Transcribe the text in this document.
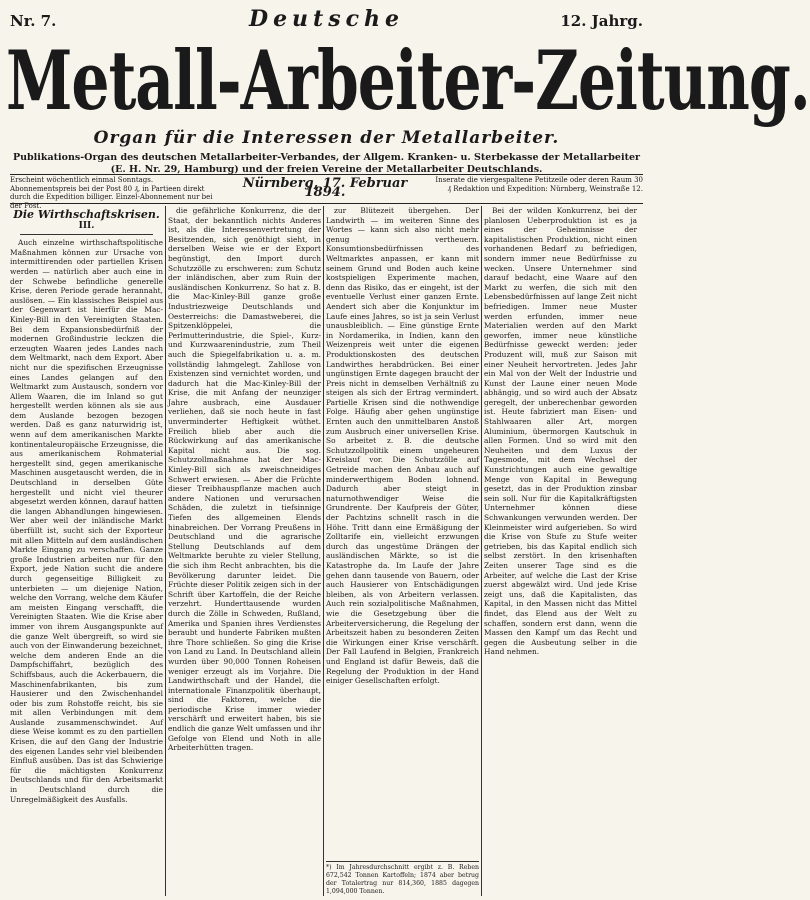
Nr. 7.	Deutsche	12. Jahrg.
Metall-Arbeiter-Zeitung.
Organ für die Interessen der Metallarbeiter.
Publikations-Organ des deutschen Metallarbeiter-Verbandes, der Allgem. Kranken- u. Sterbekasse der Metallarbeiter (E. H. Nr. 29, Hamburg) und der freien Vereine der Metallarbeiter Deutschlands.
Erscheint wöchentlich einmal Sonntags. Abonnementspreis bei der Post 80 ₰, in Partieen direkt durch die Expedition billiger. Einzel-Abonnement nur bei der Post.
Nürnberg, 17. Februar 1894.
Inserate die viergespaltene Petitzeile oder deren Raum 30 ₰ Redaktion und Expedition: Nürnberg, Weinstraße 12.
Die Wirthschaftskrisen.
III.

Auch einzelne wirthschaftspolitische Maßnahmen können zur Ursache von intermittirenden oder partiellen Krisen werden — natürlich aber auch eine in der Schwebe befindliche generelle Krise, deren Periode gerade herannaht, auslösen. — Ein klassisches Beispiel aus der Gegenwart ist hierfür die Mac-Kinley-Bill in den Vereinigten Staaten. Bei dem Expansionsbedürfniß der modernen Großindustrie leckzen die erzeugten Waaren jedes Landes nach dem Weltmarkt, nach dem Export. Aber nicht nur die spezifischen Erzeugnisse eines Landes gelangen auf den Weltmarkt zum Austausch, sondern vor Allem Waaren, die im Inland so gut hergestellt werden können als sie aus dem Auslande bezogen bezogen werden. Daß es ganz naturwidrig ist, wenn auf dem amerikanischen Markte kontinentaleuropäische Erzeugnisse, die aus amerikanischem Rohmaterial hergestellt sind, gegen amerikanische Maschinen ausgetauscht werden, die in Deutschland in derselben Güte hergestellt und nicht viel theurer abgesetzt werden können, darauf hatten die langen Abhandlungen hingewiesen. Wer aber weil der inländische Markt überfüllt ist, sucht sich der Exporteur mit allen Mitteln auf dem ausländischen Markte Eingang zu verschaffen. Ganze große Industrien arbeiten nur für den Export, jede Nation sucht die andere durch gegenseitige Billigkeit zu unterbieten — um diejenige Nation, welche den Vorrang, welche dem Käufer am meisten Eingang verschafft, die Vereinigten Staaten. Wie die Krise aber immer von ihrem Ausgangspunkte auf die ganze Welt übergreift, so wird sie auch von der Einwanderung bezeichnet, welche dem anderen Ende an die Dampfschiffahrt, bezüglich des Schiffsbaus, auch die Ackerbauern, die Maschinenfabrikanten, bis zum Hausierer und den Zwischenhandel oder bis zum Rohstoffe reicht, bis sie mit allen Verbindungen mit dem Auslande zusammenschwindet. Auf diese Weise kommt es zu den partiellen Krisen, die auf den Gang der Industrie des eigenen Landes sehr viel bleibenden Einfluß ausüben. Das ist das Schwierige für die mächtigsten Konkurrenz Deutschlands und für den Arbeitsmarkt in Deutschland durch die Unregelmäßigkeit des Ausfalls.

die gefährliche Konkurrenz, die der Staat, der bekanntlich nichts Anderes ist, als die Interessenvertretung der Besitzenden, sich genöthigt sieht, in derselben Weise wie er der Export begünstigt, den Import durch Schutzzölle zu erschweren: zum Schutz der inländischen, aber zum Ruin der ausländischen Konkurrenz. So hat z. B. die Mac-Kinley-Bill ganze große Industriezweige Deutschlands und Oesterreichs: die Damastweberei, die Spitzenklöppelei, die Perlmutterindustrie, die Spiel-, Kurz- und Kurzwaarenindustrie, zum Theil auch die Spiegelfabrikation u. a. m. vollständig lahmgelegt. Zahllose von Existenzen sind vernichtet worden, und dadurch hat die Mac-Kinley-Bill der Krise, die mit Anfang der neunziger Jahre ausbrach, eine Ausdauer verliehen, daß sie noch heute in fast unverminderter Heftigkeit wüthet. Freilich blieb aber auch die Rückwirkung auf das amerikanische Kapital nicht aus. Die sog. Schutzzollmaßnahme hat der Mac-Kinley-Bill sich als zweischneidiges Schwert erwiesen. — Aber die Früchte dieser Treibhauspflanze machen auch andere Nationen und verursachen Schäden, die zuletzt in tiefsinnige Tiefen des allgemeinen Elends hinabreichen. Der Vorrang Preußens in Deutschland und die agrarische Stellung Deutschlands auf dem Weltmarkte beruhte zu vieler Stellung, die sich ihm Recht anbrachten, bis die Bevölkerung darunter leidet. Die Früchte dieser Politik zeigen sich in der Schrift über Kartoffeln, die der Reiche verzehrt. Hunderttausende wurden durch die Zölle in Schweden, Rußland, Amerika und Spanien ihres Verdienstes beraubt und hunderte Fabriken mußten ihre Thore schließen. So ging die Krise von Land zu Land. In Deutschland allein wurden über 90,000 Tonnen Roheisen weniger erzeugt als im Vorjahre. Die Landwirthschaft und der Handel, die internationale Finanzpolitik überhaupt, sind die Faktoren, welche die periodische Krise immer wieder verschärft und erweitert haben, bis sie endlich die ganze Welt umfassen und ihr Gefolge von Elend und Noth in alle Arbeiterhütten tragen.

zur Blütezeit übergehen. Der Landwirth — im weiteren Sinne des Wortes — kann sich also nicht mehr genug vertheuern. Konsumtionsbedürfnissen des Weltmarktes anpassen, er kann mit seinem Grund und Boden auch keine kostspieligen Experimente machen, denn das Risiko, das er eingeht, ist der eventuelle Verlust einer ganzen Ernte. Aendert sich aber die Konjunktur im Laufe eines Jahres, so ist ja sein Verlust unausbleiblich. — Eine günstige Ernte in Nordamerika, in Indien, kann den Weizenpreis weit unter die eigenen Produktionskosten des deutschen Landwirthes herabdrücken. Bei einer ungünstigen Ernte dagegen braucht der Preis nicht in demselben Verhältniß zu steigen als sich der Ertrag vermindert. Partielle Krisen sind die nothwendige Folge. Häufig aber gehen ungünstige Ernten auch den unmittelbaren Anstoß zum Ausbruch einer universellen Krise. So arbeitet z. B. die deutsche Schutzzollpolitik einem ungeheuren Kreislauf vor. Die Schutzzölle auf Getreide machen den Anbau auch auf minderwerthigem Boden lohnend. Dadurch aber steigt in naturnothwendiger Weise die Grundrente. Der Kaufpreis der Güter, der Pachtzins schnellt rasch in die Höhe. Tritt dann eine Ermäßigung der Zolltarife ein, vielleicht erzwungen durch das ungestüme Drängen der ausländischen Märkte, so ist die Katastrophe da. Im Laufe der Jahre gehen dann tausende von Bauern, oder auch Hausierer von Entschädigungen bleiben, als von Arbeitern verlassen. Auch rein sozialpolitische Maßnahmen, wie die Gesetzgebung über die Arbeiterversicherung, die Regelung der Arbeitszeit haben zu besonderen Zeiten die Wirkungen einer Krise verschärft. Der Fall Laufend in Belgien, Frankreich und England ist dafür Beweis, daß die Regelung der Produktion in der Hand einiger Gesellschaften erfolgt.

*) Im Jahresdurchschnitt ergibt z. B. Reben 672,542 Tonnen Kartoffeln; 1874 aber betrug der Totalertrag nur 814,360, 1885 dagegen 1,094,000 Tonnen.

Bei der wilden Konkurrenz, bei der planlosen Ueberproduktion ist es ja eines der Geheimnisse der kapitalistischen Produktion, nicht einen vorhandenen Bedarf zu befriedigen, sondern immer neue Bedürfnisse zu wecken. Unsere Unternehmer sind darauf bedacht, eine Waare auf den Markt zu werfen, die sich mit den Lebensbedürfnissen auf lange Zeit nicht befriedigen. Immer neue Muster werden erfunden, immer neue Materialien werden auf den Markt geworfen, immer neue künstliche Bedürfnisse geweckt werden: jeder Produzent will, muß zur Saison mit einer Neuheit hervortreten. Jedes Jahr ein Mal von der Welt der Industrie und Kunst der Laune einer neuen Mode abhängig, und so wird auch der Absatz geregelt, der unberechenbar geworden ist. Heute fabriziert man Eisen- und Stahlwaaren aller Art, morgen Aluminium, übermorgen Kautschuk in allen Formen. Und so wird mit den Neuheiten und dem Luxus der Tagesmode, mit dem Wechsel der Kunstrichtungen auch eine gewaltige Menge von Kapital in Bewegung gesetzt, das in der Produktion zinsbar sein soll. Nur für die Kapitalkräftigsten Unternehmer können diese Schwankungen verwunden werden. Der Kleinmeister wird aufgerieben. So wird die Krise von Stufe zu Stufe weiter getrieben, bis das Kapital endlich sich selbst zerstört. In den krisenhaften Zeiten unserer Tage sind es die Arbeiter, auf welche die Last der Krise zuerst abgewälzt wird. Und jede Krise zeigt uns, daß die Kapitalisten, das Kapital, in den Massen nicht das Mittel findet, das Elend aus der Welt zu schaffen, sondern erst dann, wenn die Massen den Kampf um das Recht und gegen die Ausbeutung selber in die Hand nehmen.
